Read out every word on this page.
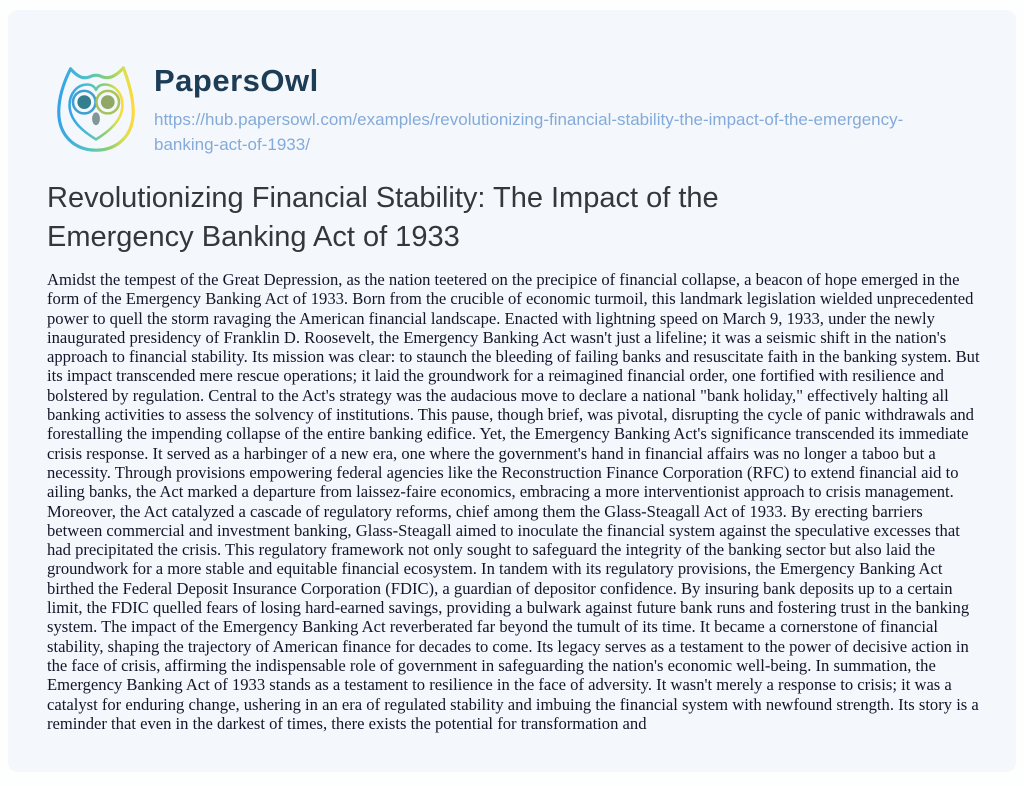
PapersOwl
https://hub.papersowl.com/examples/revolutionizing-financial-stability-the-impact-of-the-emergency-banking-act-of-1933/
Revolutionizing Financial Stability: The Impact of the Emergency Banking Act of 1933

Amidst the tempest of the Great Depression, as the nation teetered on the precipice of financial collapse, a beacon of hope emerged in the form of the Emergency Banking Act of 1933. Born from the crucible of economic turmoil, this landmark legislation wielded unprecedented power to quell the storm ravaging the American financial landscape. Enacted with lightning speed on March 9, 1933, under the newly inaugurated presidency of Franklin D. Roosevelt, the Emergency Banking Act wasn't just a lifeline; it was a seismic shift in the nation's approach to financial stability. Its mission was clear: to staunch the bleeding of failing banks and resuscitate faith in the banking system. But its impact transcended mere rescue operations; it laid the groundwork for a reimagined financial order, one fortified with resilience and bolstered by regulation. Central to the Act's strategy was the audacious move to declare a national "bank holiday," effectively halting all banking activities to assess the solvency of institutions. This pause, though brief, was pivotal, disrupting the cycle of panic withdrawals and forestalling the impending collapse of the entire banking edifice. Yet, the Emergency Banking Act's significance transcended its immediate crisis response. It served as a harbinger of a new era, one where the government's hand in financial affairs was no longer a taboo but a necessity. Through provisions empowering federal agencies like the Reconstruction Finance Corporation (RFC) to extend financial aid to ailing banks, the Act marked a departure from laissez-faire economics, embracing a more interventionist approach to crisis management. Moreover, the Act catalyzed a cascade of regulatory reforms, chief among them the Glass-Steagall Act of 1933. By erecting barriers between commercial and investment banking, Glass-Steagall aimed to inoculate the financial system against the speculative excesses that had precipitated the crisis. This regulatory framework not only sought to safeguard the integrity of the banking sector but also laid the groundwork for a more stable and equitable financial ecosystem. In tandem with its regulatory provisions, the Emergency Banking Act birthed the Federal Deposit Insurance Corporation (FDIC), a guardian of depositor confidence. By insuring bank deposits up to a certain limit, the FDIC quelled fears of losing hard-earned savings, providing a bulwark against future bank runs and fostering trust in the banking system. The impact of the Emergency Banking Act reverberated far beyond the tumult of its time. It became a cornerstone of financial stability, shaping the trajectory of American finance for decades to come. Its legacy serves as a testament to the power of decisive action in the face of crisis, affirming the indispensable role of government in safeguarding the nation's economic well-being. In summation, the Emergency Banking Act of 1933 stands as a testament to resilience in the face of adversity. It wasn't merely a response to crisis; it was a catalyst for enduring change, ushering in an era of regulated stability and imbuing the financial system with newfound strength. Its story is a reminder that even in the darkest of times, there exists the potential for transformation and
